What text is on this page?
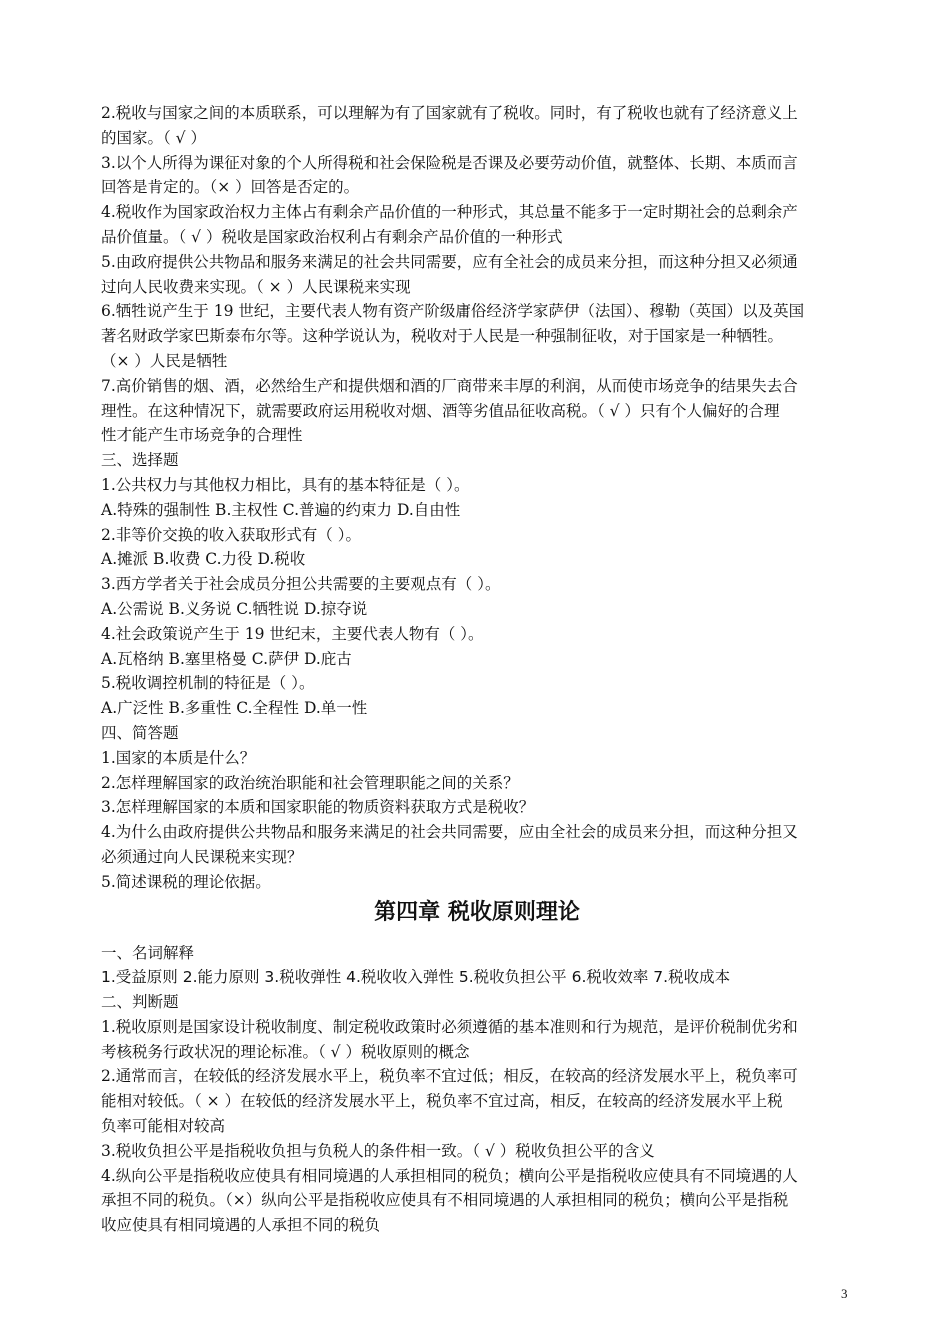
2.税收与国家之间的本质联系，可以理解为有了国家就有了税收。同时，有了税收也就有了经济意义上

的国家。（ √ ）

3.以个人所得为课征对象的个人所得税和社会保险税是否课及必要劳动价值，就整体、长期、本质而言

回答是肯定的。（× ）回答是否定的。

4.税收作为国家政治权力主体占有剩余产品价值的一种形式，其总量不能多于一定时期社会的总剩余产

品价值量。（ √ ）税收是国家政治权利占有剩余产品价值的一种形式

5.由政府提供公共物品和服务来满足的社会共同需要，应有全社会的成员来分担，而这种分担又必须通

过向人民收费来实现。（ × ）人民课税来实现

6.牺牲说产生于 19 世纪，主要代表人物有资产阶级庸俗经济学家萨伊（法国）、穆勒（英国）以及英国

著名财政学家巴斯泰布尔等。这种学说认为，税收对于人民是一种强制征收，对于国家是一种牺牲。

（× ）人民是牺牲

7.高价销售的烟、酒，必然给生产和提供烟和酒的厂商带来丰厚的利润，从而使市场竞争的结果失去合

理性。在这种情况下，就需要政府运用税收对烟、酒等劣值品征收高税。（ √ ）只有个人偏好的合理

性才能产生市场竞争的合理性

三、选择题

1.公共权力与其他权力相比，具有的基本特征是（ ）。

A.特殊的强制性 B.主权性 C.普遍的约束力 D.自由性

2.非等价交换的收入获取形式有（ ）。

A.摊派 B.收费 C.力役 D.税收

3.西方学者关于社会成员分担公共需要的主要观点有（ ）。

A.公需说 B.义务说 C.牺牲说 D.掠夺说

4.社会政策说产生于 19 世纪末，主要代表人物有（ ）。

A.瓦格纳 B.塞里格曼 C.萨伊 D.庇古

5.税收调控机制的特征是（ ）。

A.广泛性 B.多重性 C.全程性 D.单一性

四、简答题

1.国家的本质是什么？

2.怎样理解国家的政治统治职能和社会管理职能之间的关系？

3.怎样理解国家的本质和国家职能的物质资料获取方式是税收？

4.为什么由政府提供公共物品和服务来满足的社会共同需要，应由全社会的成员来分担，而这种分担又

必须通过向人民课税来实现？

5.简述课税的理论依据。

第四章 税收原则理论

一、名词解释

1.受益原则 2.能力原则 3.税收弹性 4.税收收入弹性 5.税收负担公平 6.税收效率 7.税收成本

二、判断题

1.税收原则是国家设计税收制度、制定税收政策时必须遵循的基本准则和行为规范，是评价税制优劣和

考核税务行政状况的理论标准。（ √ ）税收原则的概念

2.通常而言，在较低的经济发展水平上，税负率不宜过低；相反，在较高的经济发展水平上，税负率可

能相对较低。（ × ）在较低的经济发展水平上，税负率不宜过高，相反，在较高的经济发展水平上税

负率可能相对较高

3.税收负担公平是指税收负担与负税人的条件相一致。（ √ ）税收负担公平的含义

4.纵向公平是指税收应使具有相同境遇的人承担相同的税负；横向公平是指税收应使具有不同境遇的人

承担不同的税负。（×）纵向公平是指税收应使具有不相同境遇的人承担相同的税负；横向公平是指税

收应使具有相同境遇的人承担不同的税负

3
